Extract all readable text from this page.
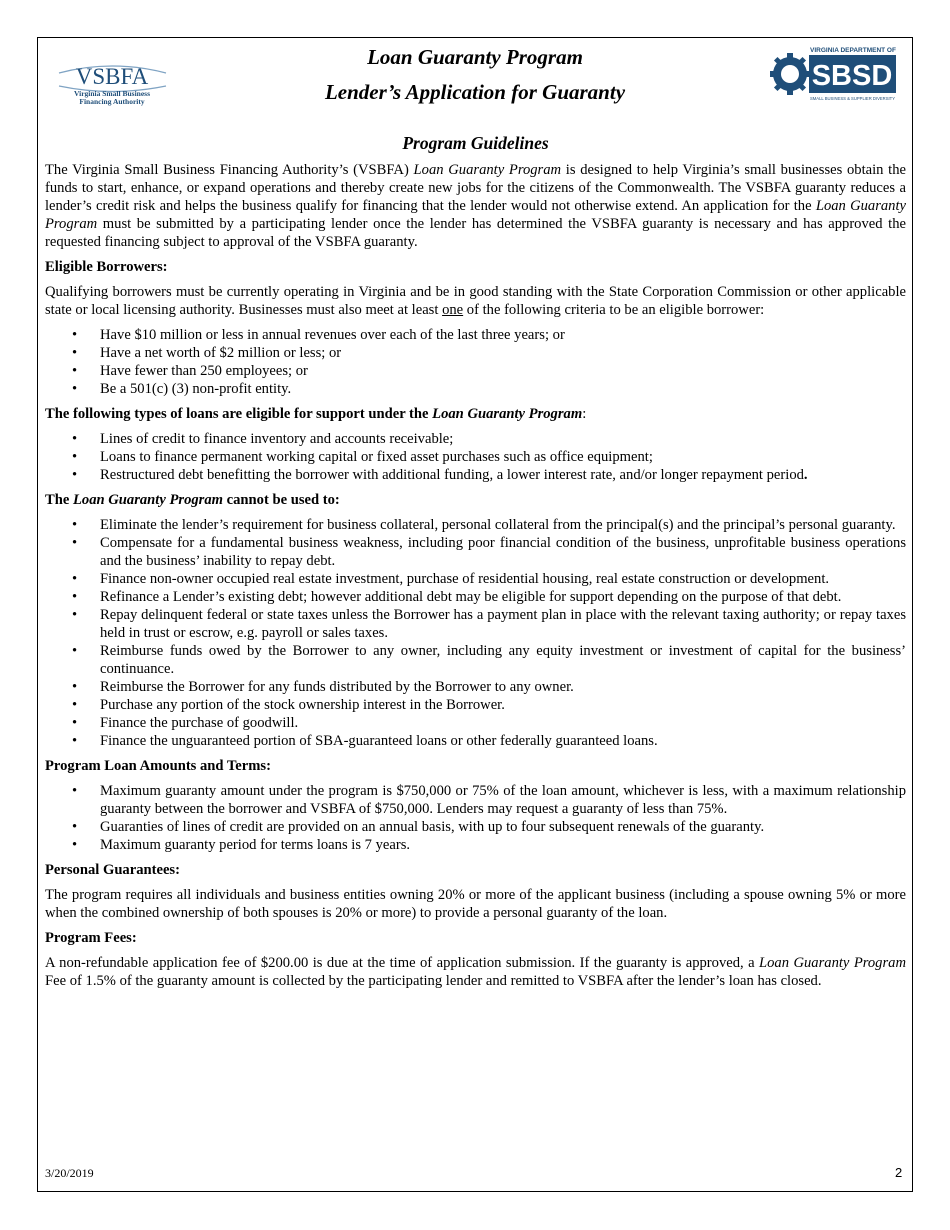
VSBFA
Virginia Small Business
Financing Authority
VIRGINIA DEPARTMENT OF
SBSD
SMALL BUSINESS & SUPPLIER DIVERSITY
Loan Guaranty Program
Lender’s Application for Guaranty
Program Guidelines

The Virginia Small Business Financing Authority’s (VSBFA) Loan Guaranty Program is designed to help Virginia’s small businesses obtain the funds to start, enhance, or expand operations and thereby create new jobs for the citizens of the Commonwealth. The VSBFA guaranty reduces a lender’s credit risk and helps the business qualify for financing that the lender would not otherwise extend. An application for the Loan Guaranty Program must be submitted by a participating lender once the lender has determined the VSBFA guaranty is necessary and has approved the requested financing subject to approval of the VSBFA guaranty.

Eligible Borrowers:

Qualifying borrowers must be currently operating in Virginia and be in good standing with the State Corporation Commission or other applicable state or local licensing authority. Businesses must also meet at least one of the following criteria to be an eligible borrower:

• Have $10 million or less in annual revenues over each of the last three years; or
• Have a net worth of $2 million or less; or
• Have fewer than 250 employees; or
• Be a 501(c) (3) non-profit entity.

The following types of loans are eligible for support under the Loan Guaranty Program:

• Lines of credit to finance inventory and accounts receivable;
• Loans to finance permanent working capital or fixed asset purchases such as office equipment;
• Restructured debt benefitting the borrower with additional funding, a lower interest rate, and/or longer repayment period.

The Loan Guaranty Program cannot be used to:

• Eliminate the lender’s requirement for business collateral, personal collateral from the principal(s) and the principal’s personal guaranty.
• Compensate for a fundamental business weakness, including poor financial condition of the business, unprofitable business operations and the business’ inability to repay debt.
• Finance non-owner occupied real estate investment, purchase of residential housing, real estate construction or development.
• Refinance a Lender’s existing debt; however additional debt may be eligible for support depending on the purpose of that debt.
• Repay delinquent federal or state taxes unless the Borrower has a payment plan in place with the relevant taxing authority; or repay taxes held in trust or escrow, e.g. payroll or sales taxes.
• Reimburse funds owed by the Borrower to any owner, including any equity investment or investment of capital for the business’ continuance.
• Reimburse the Borrower for any funds distributed by the Borrower to any owner.
• Purchase any portion of the stock ownership interest in the Borrower.
• Finance the purchase of goodwill.
• Finance the unguaranteed portion of SBA-guaranteed loans or other federally guaranteed loans.

Program Loan Amounts and Terms:

• Maximum guaranty amount under the program is $750,000 or 75% of the loan amount, whichever is less, with a maximum relationship guaranty between the borrower and VSBFA of $750,000. Lenders may request a guaranty of less than 75%.
• Guaranties of lines of credit are provided on an annual basis, with up to four subsequent renewals of the guaranty.
• Maximum guaranty period for terms loans is 7 years.

Personal Guarantees:

The program requires all individuals and business entities owning 20% or more of the applicant business (including a spouse owning 5% or more when the combined ownership of both spouses is 20% or more) to provide a personal guaranty of the loan.

Program Fees:

A non-refundable application fee of $200.00 is due at the time of application submission. If the guaranty is approved, a Loan Guaranty Program Fee of 1.5% of the guaranty amount is collected by the participating lender and remitted to VSBFA after the lender’s loan has closed.

3/20/2019	2
